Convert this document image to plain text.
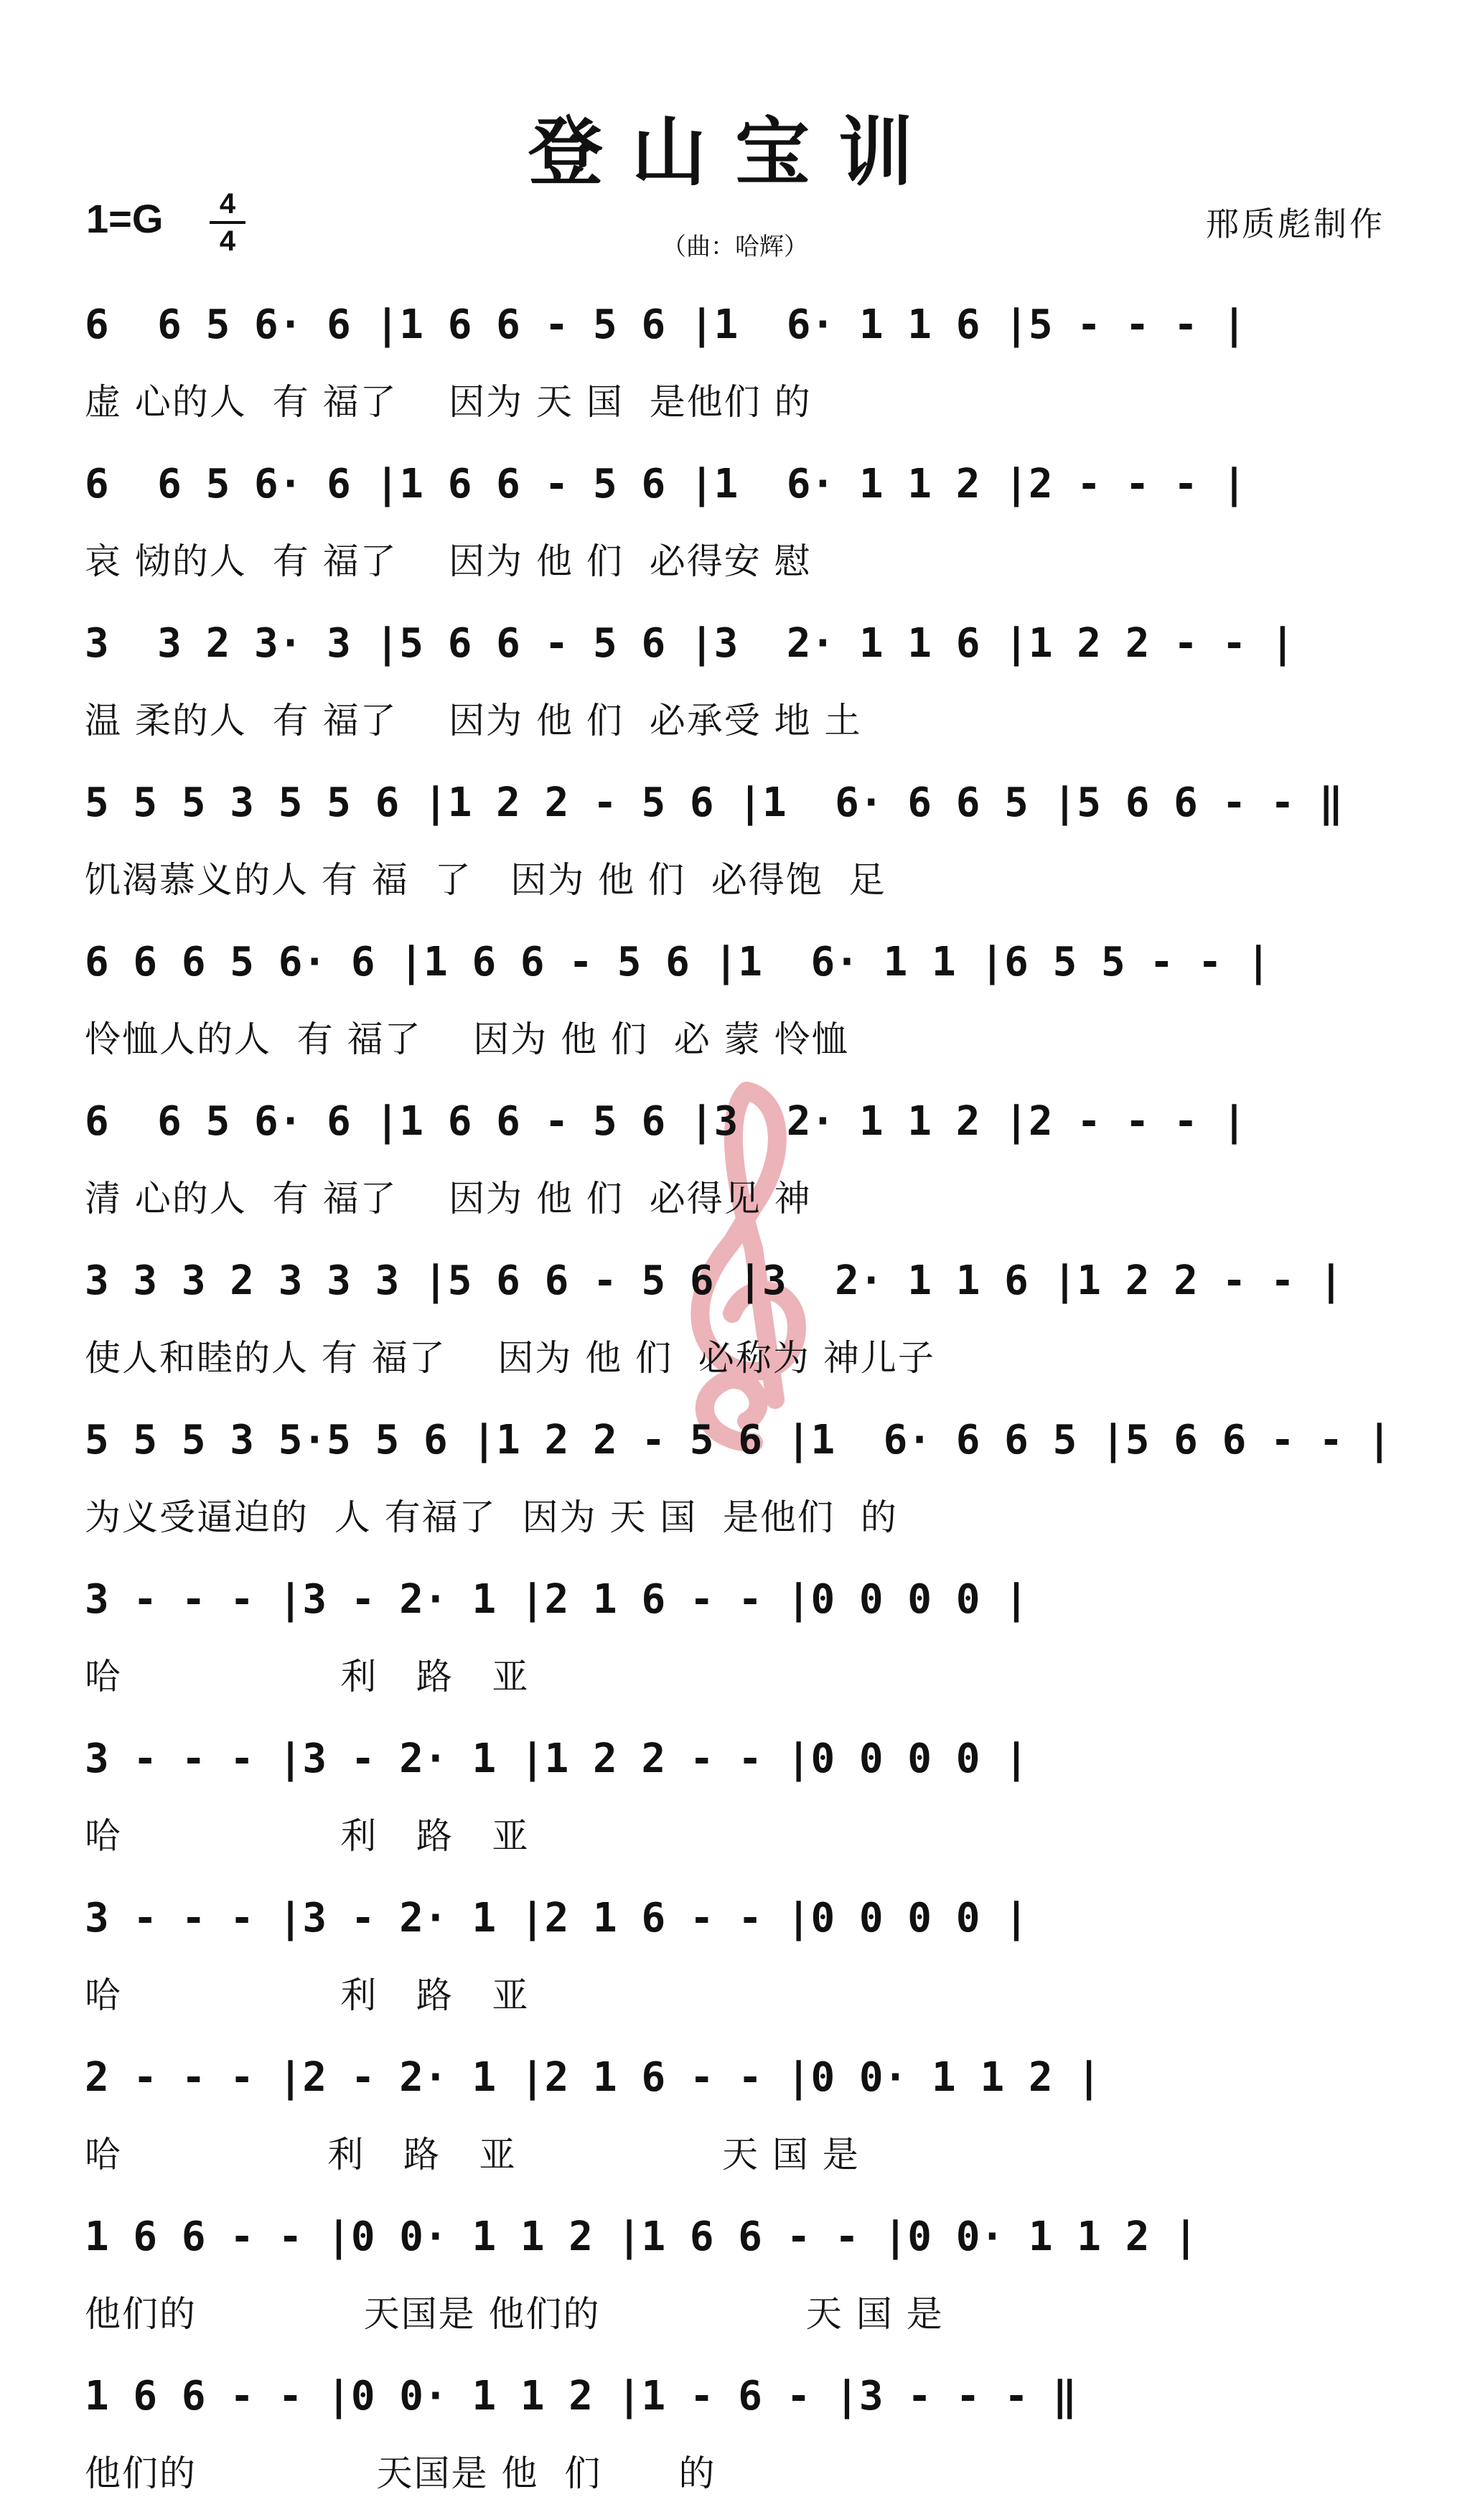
登山宝训
1=G	4
4	（曲：哈辉）
邢质彪制作
6  6 5 6· 6 |1 6 6 - 5 6 |1  6· 1 1 6 |5 - - - |
虚 心的人  有 福了    因为 天 国  是他们 的
6  6 5 6· 6 |1 6 6 - 5 6 |1  6· 1 1 2 |2 - - - |
哀 恸的人  有 福了    因为 他 们  必得安 慰
3  3 2 3· 3 |5 6 6 - 5 6 |3  2· 1 1 6 |1 2 2 - - |
温 柔的人  有 福了    因为 他 们  必承受 地 土
5 5 5 3 5 5 6 |1 2 2 - 5 6 |1  6· 6 6 5 |5 6 6 - - ‖
饥渴慕义的人 有 福  了   因为 他 们  必得饱  足
6 6 6 5 6· 6 |1 6 6 - 5 6 |1  6· 1 1 |6 5 5 - - |
怜恤人的人  有 福了    因为 他 们  必 蒙 怜恤
6  6 5 6· 6 |1 6 6 - 5 6 |3  2· 1 1 2 |2 - - - |
清 心的人  有 福了    因为 他 们  必得见 神
3 3 3 2 3 3 3 |5 6 6 - 5 6 |3  2· 1 1 6 |1 2 2 - - |
使人和睦的人 有 福了    因为 他 们  必称为 神儿子
5 5 5 3 5·5 5 6 |1 2 2 - 5 6 |1  6· 6 6 5 |5 6 6 - - |
为义受逼迫的  人 有福了  因为 天 国  是他们  的
3 - - - |3 - 2· 1 |2 1 6 - - |0 0 0 0 |
哈                 利   路   亚
3 - - - |3 - 2· 1 |1 2 2 - - |0 0 0 0 |
哈                 利   路   亚
3 - - - |3 - 2· 1 |2 1 6 - - |0 0 0 0 |
哈                 利   路   亚
2 - - - |2 - 2· 1 |2 1 6 - - |0 0· 1 1 2 |
哈                利   路   亚                天 国 是
1 6 6 - - |0 0· 1 1 2 |1 6 6 - - |0 0· 1 1 2 |
他们的             天国是 他们的                天 国 是
1 6 6 - - |0 0· 1 1 2 |1 - 6 - |3 - - - ‖
他们的              天国是 他  们      的
